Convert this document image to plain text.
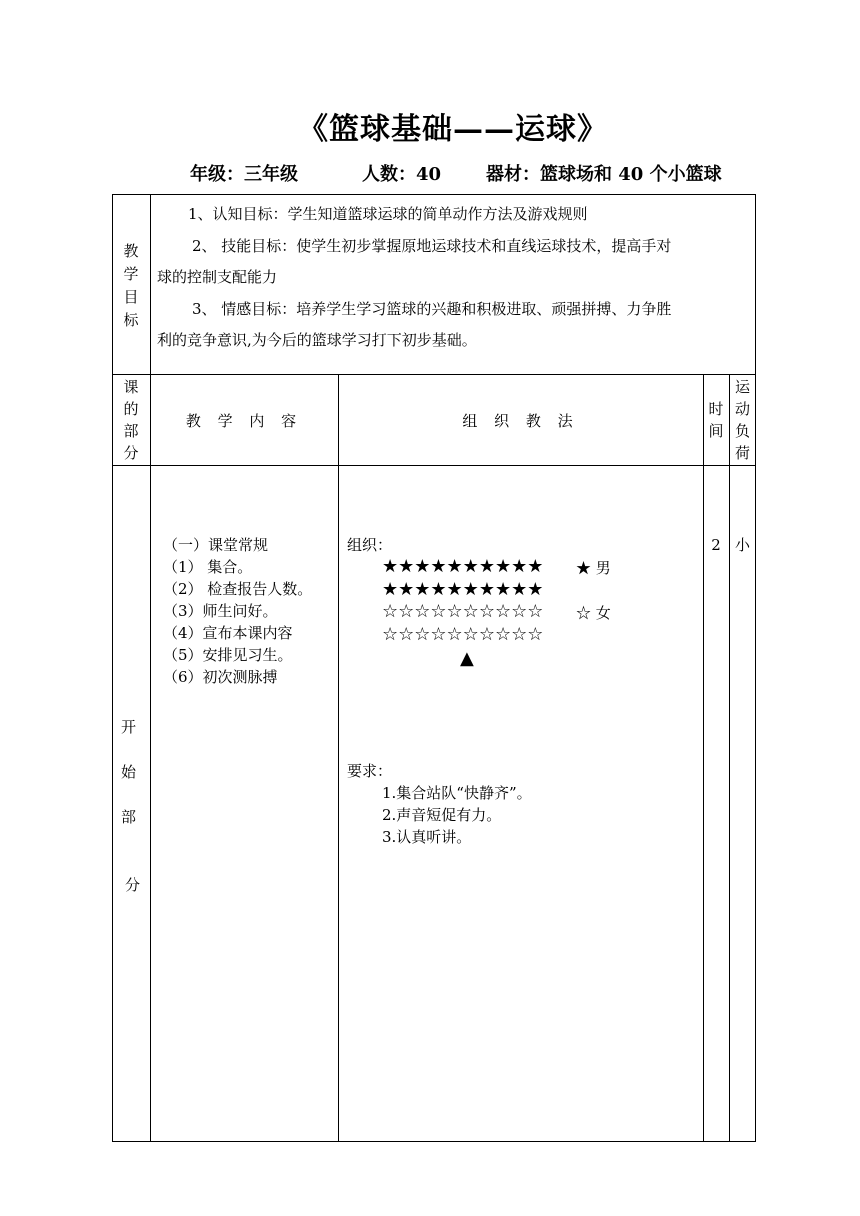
《篮球基础——运球》
年级：三年级	人数：40 器材：篮球场和 40 个小篮球
教
学
目
标
1、认知目标：学生知道篮球运球的简单动作方法及游戏规则
2、 技能目标：使学生初步掌握原地运球技术和直线运球技术，提高手对
球的控制支配能力
3、 情感目标：培养学生学习篮球的兴趣和积极进取、顽强拼搏、力争胜
利的竞争意识,为今后的篮球学习打下初步基础。
课
的
部
分
教 学 内 容	组 织 教 法
时
间
运
动
负
荷
开
始
部
分
（一）课堂常规
（1） 集合。
（2） 检查报告人数。
（3）师生问好。
（4）宣布本课内容
（5）安排见习生。
（6）初次测脉搏
组织：
★★★★★★★★★★ ★ 男
★★★★★★★★★★
☆☆☆☆☆☆☆☆☆☆ ☆ 女
☆☆☆☆☆☆☆☆☆☆
▲
要求：
1.集合站队“快静齐”。
2.声音短促有力。
3.认真听讲。
2 小
